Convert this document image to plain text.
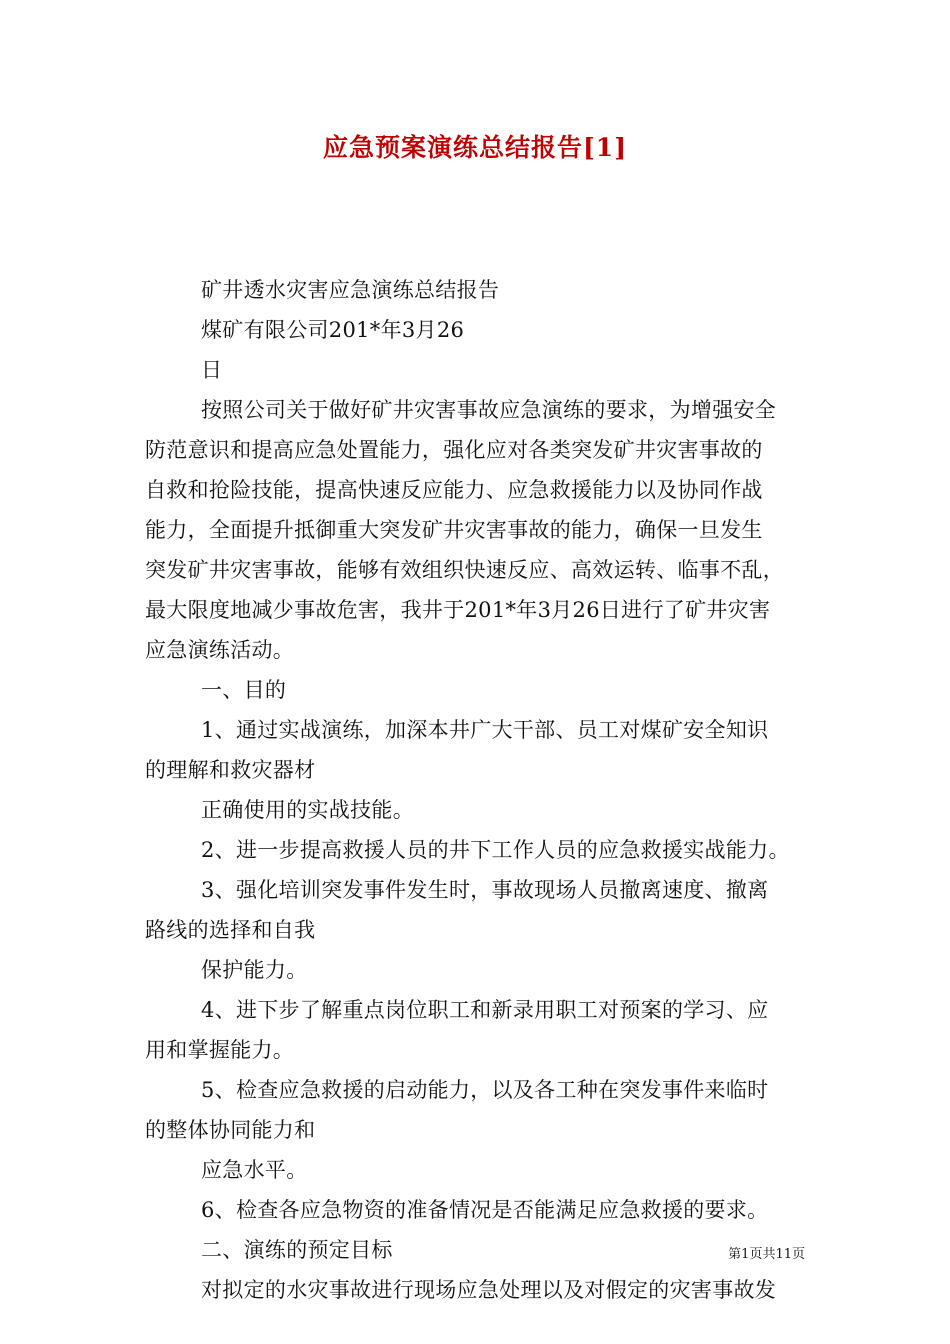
应急预案演练总结报告[1]
矿井透水灾害应急演练总结报告
煤矿有限公司201*年3月26
日
按照公司关于做好矿井灾害事故应急演练的要求，为增强安全
防范意识和提高应急处置能力，强化应对各类突发矿井灾害事故的
自救和抢险技能，提高快速反应能力、应急救援能力以及协同作战
能力，全面提升抵御重大突发矿井灾害事故的能力，确保一旦发生
突发矿井灾害事故，能够有效组织快速反应、高效运转、临事不乱，
最大限度地减少事故危害，我井于201*年3月26日进行了矿井灾害
应急演练活动。
一、目的
1、通过实战演练，加深本井广大干部、员工对煤矿安全知识
的理解和救灾器材
正确使用的实战技能。
2、进一步提高救援人员的井下工作人员的应急救援实战能力。
3、强化培训突发事件发生时，事故现场人员撤离速度、撤离
路线的选择和自我
保护能力。
4、进下步了解重点岗位职工和新录用职工对预案的学习、应
用和掌握能力。
5、检查应急救援的启动能力，以及各工种在突发事件来临时
的整体协同能力和
应急水平。
6、检查各应急物资的准备情况是否能满足应急救援的要求。
二、演练的预定目标
对拟定的水灾事故进行现场应急处理以及对假定的灾害事故发
第1页共11页
